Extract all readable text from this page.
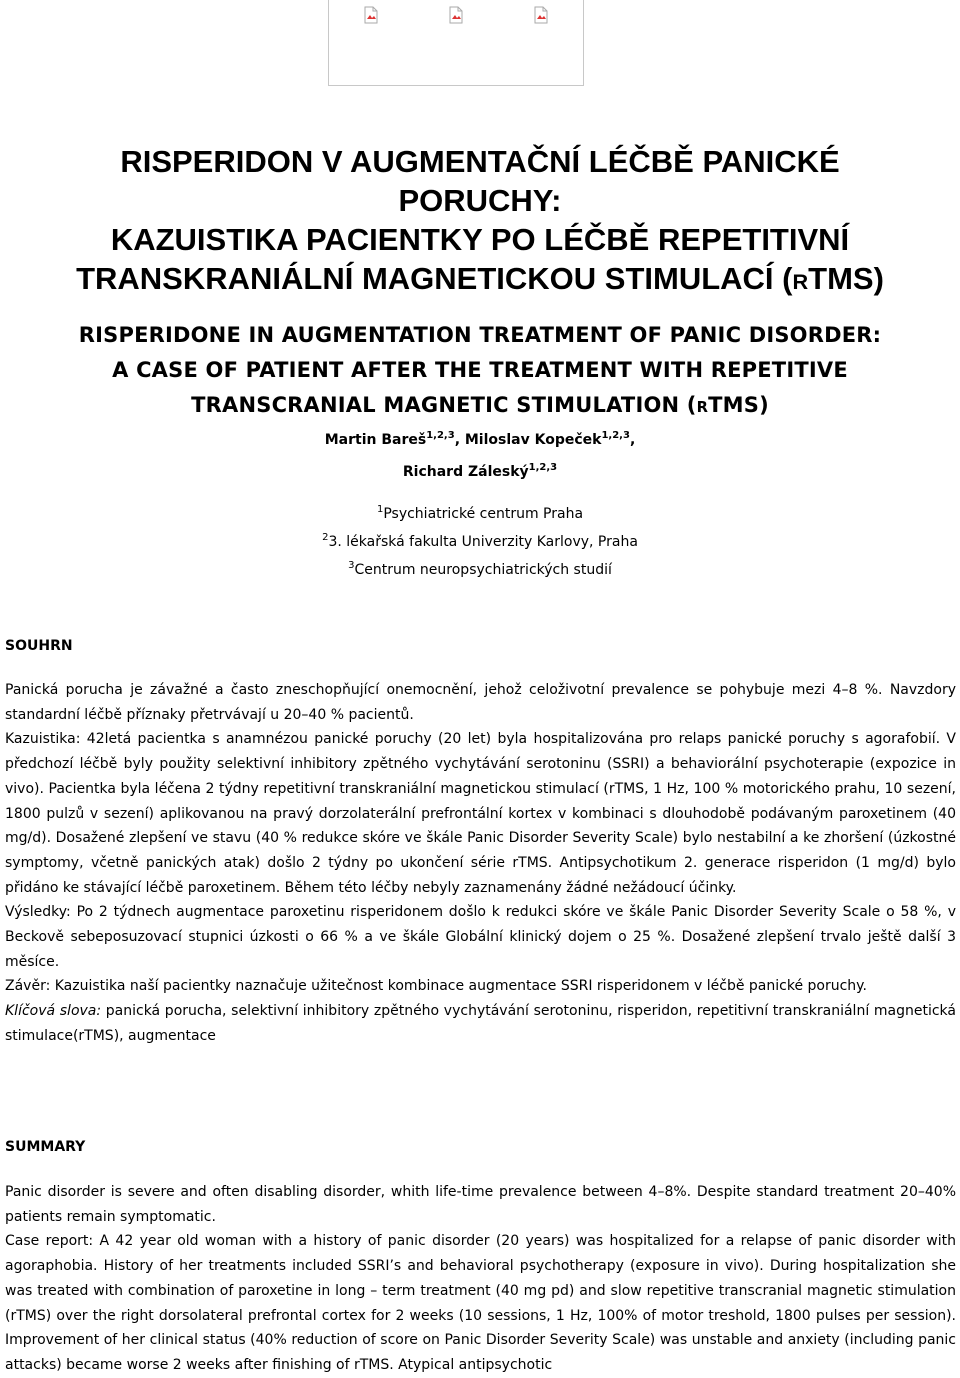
RISPERIDON V AUGMENTAČNÍ LÉČBĚ PANICKÉ
PORUCHY:
KAZUISTIKA PACIENTKY PO LÉČBĚ REPETITIVNÍ
TRANSKRANIÁLNÍ MAGNETICKOU STIMULACÍ (RTMS)
RISPERIDONE IN AUGMENTATION TREATMENT OF PANIC DISORDER:
A CASE OF PATIENT AFTER THE TREATMENT WITH REPETITIVE
TRANSCRANIAL MAGNETIC STIMULATION (RTMS)
Martin Bareš$^{1,2,3}$, Miloslav Kopeček$^{1,2,3}$,
Richard Záleský$^{1,2,3}$
$^1$Psychiatrické centrum Praha
$^2$3. lékařská fakulta Univerzity Karlovy, Praha
$^3$Centrum neuropsychiatrických studií
SOUHRN

Panická porucha je závažné a často zneschopňující onemocnění, jehož celoživotní prevalence se pohybuje mezi 4–8 %. Navzdory standardní léčbě příznaky přetrvávají u 20–40 % pacientů.

Kazuistika: 42letá pacientka s anamnézou panické poruchy (20 let) byla hospitalizována pro relaps panické poruchy s agorafobií. V předchozí léčbě byly použity selektivní inhibitory zpětného vychytávání serotoninu (SSRI) a behaviorální psychoterapie (expozice in vivo). Pacientka byla léčena 2 týdny repetitivní transkraniální magnetickou stimulací (rTMS, 1 Hz, 100 % motorického prahu, 10 sezení, 1800 pulzů v sezení) aplikovanou na pravý dorzolaterální prefrontální kortex v kombinaci s dlouhodobě podávaným paroxetinem (40 mg/d). Dosažené zlepšení ve stavu (40 % redukce skóre ve škále Panic Disorder Severity Scale) bylo nestabilní a ke zhoršení (úzkostné symptomy, včetně panických atak) došlo 2 týdny po ukončení série rTMS. Antipsychotikum 2. generace risperidon (1 mg/d) bylo přidáno ke stávající léčbě paroxetinem. Během této léčby nebyly zaznamenány žádné nežádoucí účinky.

Výsledky: Po 2 týdnech augmentace paroxetinu risperidonem došlo k redukci skóre ve škále Panic Disorder Severity Scale o 58 %, v Beckově sebeposuzovací stupnici úzkosti o 66 % a ve škále Globální klinický dojem o 25 %. Dosažené zlepšení trvalo ještě další 3 měsíce.

Závěr: Kazuistika naší pacientky naznačuje užitečnost kombinace augmentace SSRI risperidonem v léčbě panické poruchy.

Klíčová slova: panická porucha, selektivní inhibitory zpětného vychytávání serotoninu, risperidon, repetitivní transkraniální magnetická stimulace(rTMS), augmentace

SUMMARY

Panic disorder is severe and often disabling disorder, whith life-time prevalence between 4–8%. Despite standard treatment 20–40% patients remain symptomatic.

Case report: A 42 year old woman with a history of panic disorder (20 years) was hospitalized for a relapse of panic disorder with agoraphobia. History of her treatments included SSRI’s and behavioral psychotherapy (exposure in vivo). During hospitalization she was treated with combination of paroxetine in long – term treatment (40 mg pd) and slow repetitive transcranial magnetic stimulation (rTMS) over the right dorsolateral prefrontal cortex for 2 weeks (10 sessions, 1 Hz, 100% of motor treshold, 1800 pulses per session). Improvement of her clinical status (40% reduction of score on Panic Disorder Severity Scale) was unstable and anxiety (including panic attacks) became worse 2 weeks after finishing of rTMS. Atypical antipsychotic
